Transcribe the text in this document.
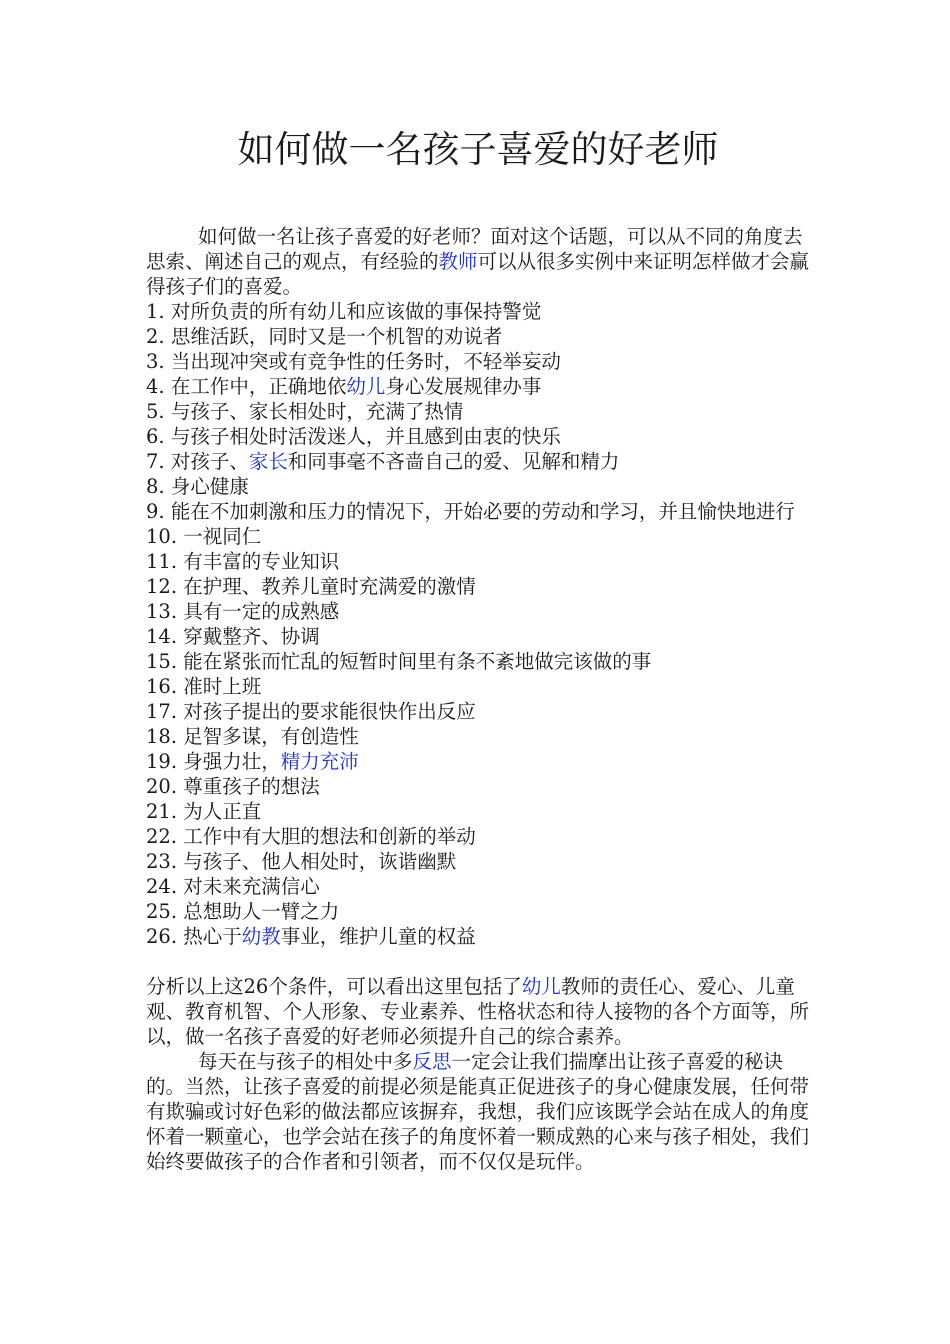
如何做一名孩子喜爱的好老师

如何做一名让孩子喜爱的好老师？面对这个话题，可以从不同的角度去思索、阐述自己的观点，有经验的教师可以从很多实例中来证明怎样做才会赢得孩子们的喜爱。

1. 对所负责的所有幼儿和应该做的事保持警觉
2. 思维活跃，同时又是一个机智的劝说者
3. 当出现冲突或有竞争性的任务时，不轻举妄动
4. 在工作中，正确地依幼儿身心发展规律办事
5. 与孩子、家长相处时，充满了热情
6. 与孩子相处时活泼迷人，并且感到由衷的快乐
7. 对孩子、家长和同事毫不吝啬自己的爱、见解和精力
8. 身心健康
9. 能在不加刺激和压力的情况下，开始必要的劳动和学习，并且愉快地进行
10. 一视同仁
11. 有丰富的专业知识
12. 在护理、教养儿童时充满爱的激情
13. 具有一定的成熟感
14. 穿戴整齐、协调
15. 能在紧张而忙乱的短暂时间里有条不紊地做完该做的事
16. 准时上班
17. 对孩子提出的要求能很快作出反应
18. 足智多谋，有创造性
19. 身强力壮，精力充沛
20. 尊重孩子的想法
21. 为人正直
22. 工作中有大胆的想法和创新的举动
23. 与孩子、他人相处时，诙谐幽默
24. 对未来充满信心
25. 总想助人一臂之力
26. 热心于幼教事业，维护儿童的权益

分析以上这26个条件，可以看出这里包括了幼儿教师的责任心、爱心、儿童观、教育机智、个人形象、专业素养、性格状态和待人接物的各个方面等，所以，做一名孩子喜爱的好老师必须提升自己的综合素养。

每天在与孩子的相处中多反思一定会让我们揣摩出让孩子喜爱的秘诀的。当然，让孩子喜爱的前提必须是能真正促进孩子的身心健康发展，任何带有欺骗或讨好色彩的做法都应该摒弃，我想，我们应该既学会站在成人的角度怀着一颗童心，也学会站在孩子的角度怀着一颗成熟的心来与孩子相处，我们始终要做孩子的合作者和引领者，而不仅仅是玩伴。
